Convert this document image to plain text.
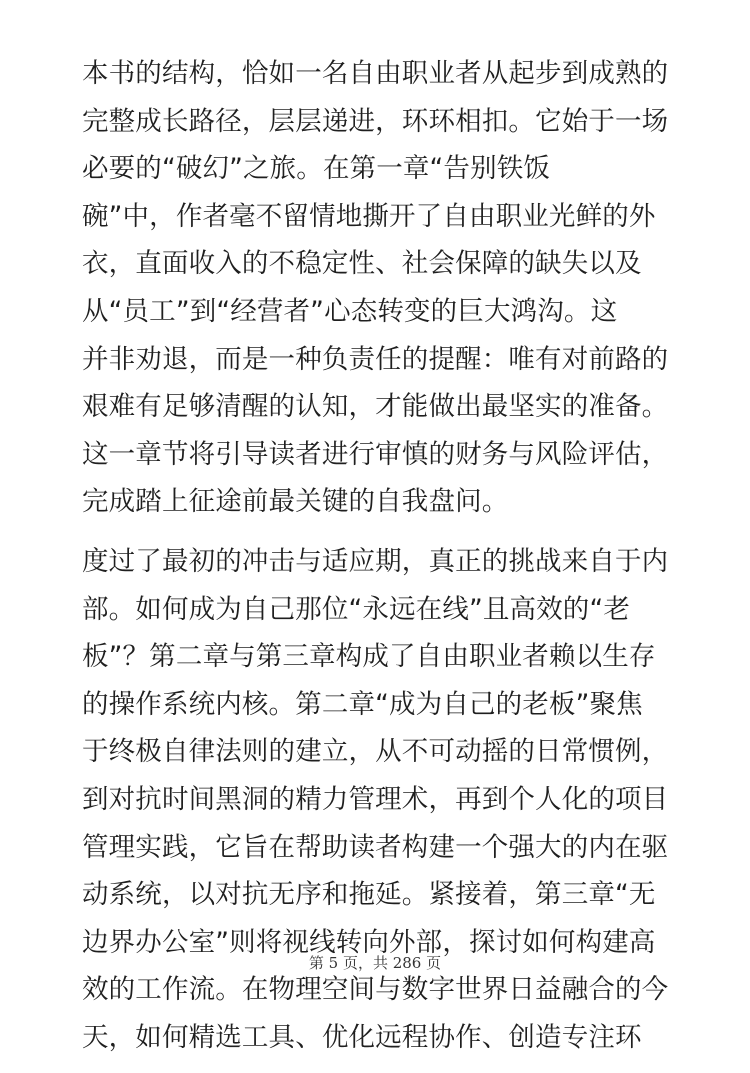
本书的结构，恰如一名自由职业者从起步到成熟的
完整成长路径，层层递进，环环相扣。它始于一场
必要的“破幻”之旅。在第一章“告别铁饭
碗”中，作者毫不留情地撕开了自由职业光鲜的外
衣，直面收入的不稳定性、社会保障的缺失以及
从“员工”到“经营者”心态转变的巨大鸿沟。这
并非劝退，而是一种负责任的提醒：唯有对前路的
艰难有足够清醒的认知，才能做出最坚实的准备。
这一章节将引导读者进行审慎的财务与风险评估，
完成踏上征途前最关键的自我盘问。
度过了最初的冲击与适应期，真正的挑战来自于内
部。如何成为自己那位“永远在线”且高效的“老
板”？第二章与第三章构成了自由职业者赖以生存
的操作系统内核。第二章“成为自己的老板”聚焦
于终极自律法则的建立，从不可动摇的日常惯例，
到对抗时间黑洞的精力管理术，再到个人化的项目
管理实践，它旨在帮助读者构建一个强大的内在驱
动系统，以对抗无序和拖延。紧接着，第三章“无
边界办公室”则将视线转向外部，探讨如何构建高
效的工作流。在物理空间与数字世界日益融合的今
天，如何精选工具、优化远程协作、创造专注环
第 5 页，共 286 页
